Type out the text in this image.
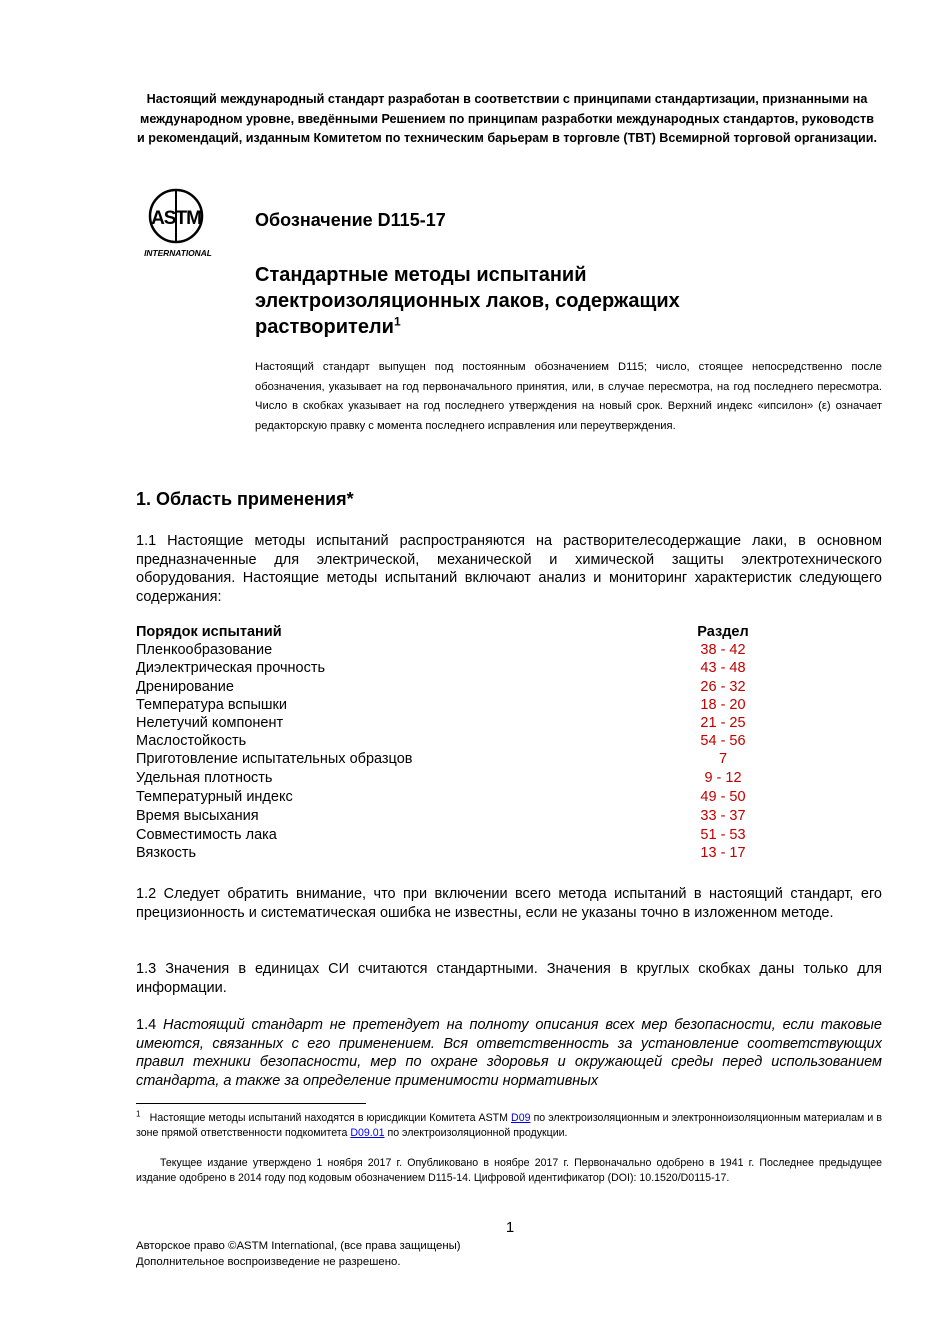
Настоящий международный стандарт разработан в соответствии с принципами стандартизации, признанными на международном уровне, введёнными Решением по принципам разработки международных стандартов, руководств и рекомендаций, изданным Комитетом по техническим барьерам в торговле (ТВТ) Всемирной торговой организации.
ASTM
INTERNATIONAL
Обозначение D115-17
Стандартные методы испытаний электроизоляционных лаков, содержащих растворители$^1$
Настоящий стандарт выпущен под постоянным обозначением D115; число, стоящее непосредственно после обозначения, указывает на год первоначального принятия, или, в случае пересмотра, на год последнего пересмотра. Число в скобках указывает на год последнего утверждения на новый срок. Верхний индекс «ипсилон» (ε) означает редакторскую правку с момента последнего исправления или переутверждения.
1. Область применения*
1.1 Настоящие методы испытаний распространяются на растворителесодержащие лаки, в основном предназначенные для электрической, механической и химической защиты электротехнического оборудования. Настоящие методы испытаний включают анализ и мониторинг характеристик следующего содержания:
Порядок испытаний	Раздел
Пленкообразование	38 - 42
Диэлектрическая прочность	43 - 48
Дренирование	26 - 32
Температура вспышки	18 - 20
Нелетучий компонент	21 - 25
Маслостойкость	54 - 56
Приготовление испытательных образцов	7
Удельная плотность	9 - 12
Температурный индекс	49 - 50
Время высыхания	33 - 37
Совместимость лака	51 - 53
Вязкость	13 - 17
1.2 Следует обратить внимание, что при включении всего метода испытаний в настоящий стандарт, его прецизионность и систематическая ошибка не известны, если не указаны точно в изложенном методе.
1.3 Значения в единицах СИ считаются стандартными. Значения в круглых скобках даны только для информации.
1.4 Настоящий стандарт не претендует на полноту описания всех мер безопасности, если таковые имеются, связанных с его применением. Вся ответственность за установление соответствующих правил техники безопасности, мер по охране здоровья и окружающей среды перед использованием стандарта, а также за определение применимости нормативных
$^1$ Настоящие методы испытаний находятся в юрисдикции Комитета ASTM D09 по электроизоляционным и электронноизоляционным материалам и в зоне прямой ответственности подкомитета D09.01 по электроизоляционной продукции.
Текущее издание утверждено 1 ноября 2017 г. Опубликовано в ноябре 2017 г. Первоначально одобрено в 1941 г. Последнее предыдущее издание одобрено в 2014 году под кодовым обозначением D115-14. Цифровой идентификатор (DOI): 10.1520/D0115-17.
1
Авторское право ©ASTM International, (все права защищены)
Дополнительное воспроизведение не разрешено.
